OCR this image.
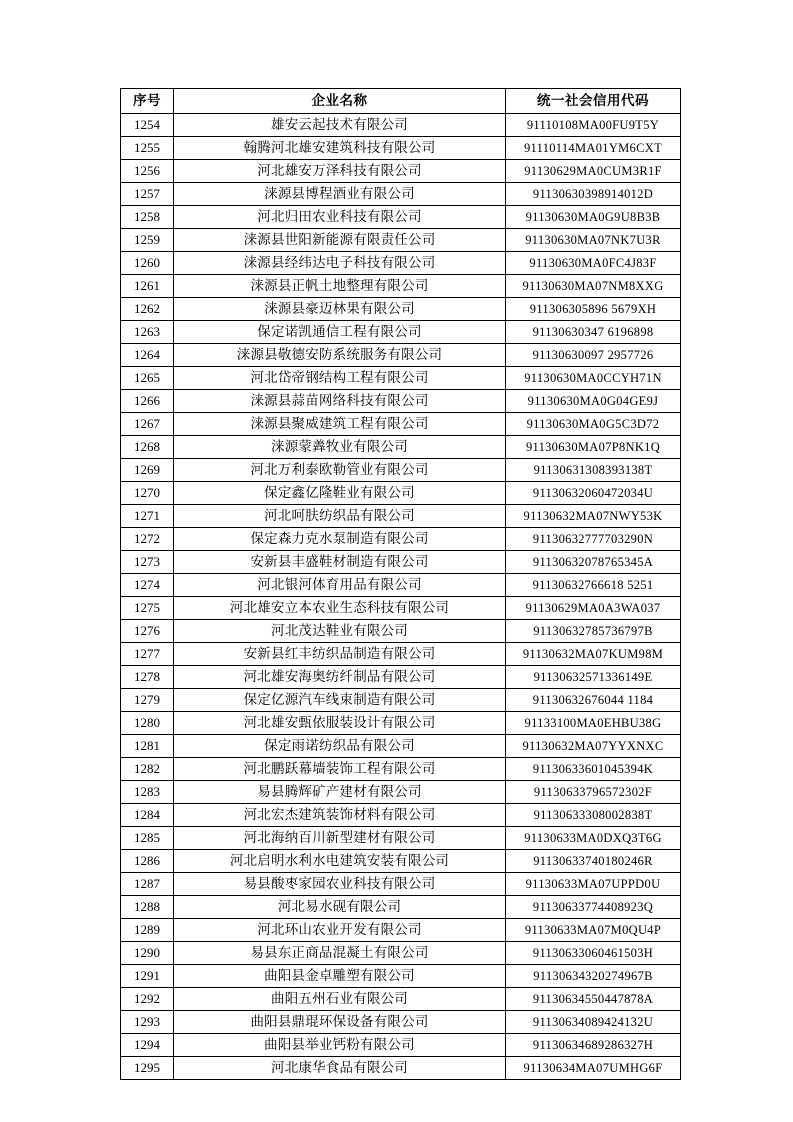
序号	企业名称	统一社会信用代码
1254	雄安云起技术有限公司	91110108MA00FU9T5Y
1255	翰腾河北雄安建筑科技有限公司	91110114MA01YM6CXT
1256	河北雄安万泽科技有限公司	91130629MA0CUM3R1F
1257	涞源县博程酒业有限公司	91130630398914012D
1258	河北归田农业科技有限公司	91130630MA0G9U8B3B
1259	涞源县世阳新能源有限责任公司	91130630MA07NK7U3R
1260	涞源县经纬达电子科技有限公司	91130630MA0FC4J83F
1261	涞源县正帆土地整理有限公司	91130630MA07NM8XXG
1262	涞源县豪迈林果有限公司	911306305896 5679XH
1263	保定诺凯通信工程有限公司	91130630347 6196898
1264	涞源县敬德安防系统服务有限公司	91130630097 2957726
1265	河北岱帝钢结构工程有限公司	91130630MA0CCYH71N
1266	涞源县蒜苗网络科技有限公司	91130630MA0G04GE9J
1267	涞源县聚威建筑工程有限公司	91130630MA0G5C3D72
1268	涞源蒙羴牧业有限公司	91130630MA07P8NK1Q
1269	河北万利泰欧勒管业有限公司	91130631308393138T
1270	保定鑫亿隆鞋业有限公司	91130632060472034U
1271	河北呵肤纺织品有限公司	91130632MA07NWY53K
1272	保定森力克水泵制造有限公司	91130632777703290N
1273	安新县丰盛鞋材制造有限公司	91130632078765345A
1274	河北银河体育用品有限公司	91130632766618 5251
1275	河北雄安立本农业生态科技有限公司	91130629MA0A3WA037
1276	河北茂达鞋业有限公司	91130632785736797B
1277	安新县红丰纺织品制造有限公司	91130632MA07KUM98M
1278	河北雄安海奥纺纤制品有限公司	91130632571336149E
1279	保定亿源汽车线束制造有限公司	91130632676044 1184
1280	河北雄安甄依服装设计有限公司	91133100MA0EHBU38G
1281	保定雨诺纺织品有限公司	91130632MA07YYXNXC
1282	河北鹏跃幕墙装饰工程有限公司	91130633601045394K
1283	易县腾辉矿产建材有限公司	91130633796572302F
1284	河北宏杰建筑装饰材料有限公司	91130633308002838T
1285	河北海纳百川新型建材有限公司	91130633MA0DXQ3T6G
1286	河北启明水利水电建筑安装有限公司	91130633740180246R
1287	易县酸枣家园农业科技有限公司	91130633MA07UPPD0U
1288	河北易水砚有限公司	91130633774408923Q
1289	河北环山农业开发有限公司	91130633MA07M0QU4P
1290	易县东正商品混凝土有限公司	91130633060461503H
1291	曲阳县金卓雕塑有限公司	91130634320274967B
1292	曲阳五州石业有限公司	91130634550447878A
1293	曲阳县鼎琨环保设备有限公司	91130634089424132U
1294	曲阳县举业钙粉有限公司	91130634689286327H
1295	河北康华食品有限公司	91130634MA07UMHG6F
